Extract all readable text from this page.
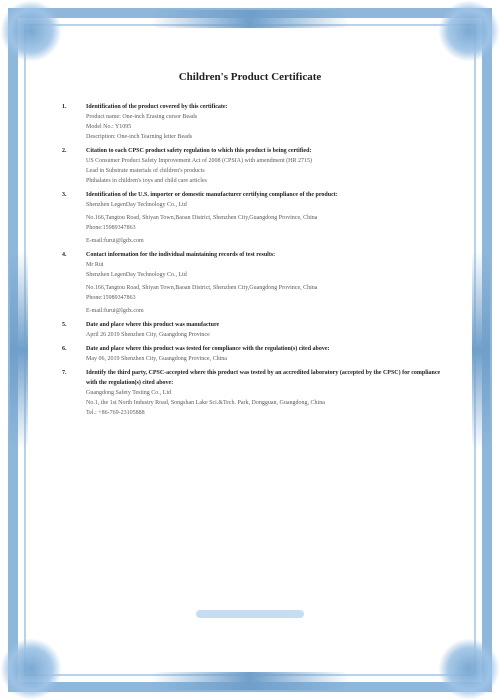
Children's Product Certificate
1.	Identification of the product covered by this certificate:
Product name: One-inch Erasing cursor Beads
Model No.: Y1095
Description: One-inch Tearning letter Beads
2.	Citation to each CPSC product safety regulation to which this product is being certified:
US Consumer Product Safety Improvement Act of 2008 (CPSIA) with amendment (HR 2715)
Lead in Substrate materials of children's products
Phthalates in children's toys and child care articles
3.	Identification of the U.S. importer or domestic manufacturer certifying compliance of the product:
Shenzhen LegenDay Technology Co., Ltd
No.166,Tangtou Road, Shiyan Town,Baoan District, Shenzhen City,Guangdong Province, China
Phone:15989347863
E-mail:furui@lgdx.com
4.	Contact information for the individual maintaining records of test results:
Mr Rui
Shenzhen LegenDay Technology Co., Ltd
No.166,Tangtou Road, Shiyan Town,Baoan District, Shenzhen City,Guangdong Province, China
Phone:15989347863
E-mail:furui@lgdx.com
5.	Date and place where this product was manufacture
April 26 2019 Shenzhen City, Guangdong Province
6.	Date and place where this product was tested for compliance with the regulation(s) cited above:
May 06, 2019 Shenzhen City, Guangdong Province, China
7.	Identify the third party, CPSC-accepted where this product was tested by an accredited laboratory (accepted by the CPSC) for compliance with the regulation(s) cited above:
Guangdong Safety Testing Co., Ltd
No.1, the 1st North Industry Road, Songshan Lake Sci.&Tech. Park, Dongguan, Guangdong, China
Tel.: +86-769-23105888
